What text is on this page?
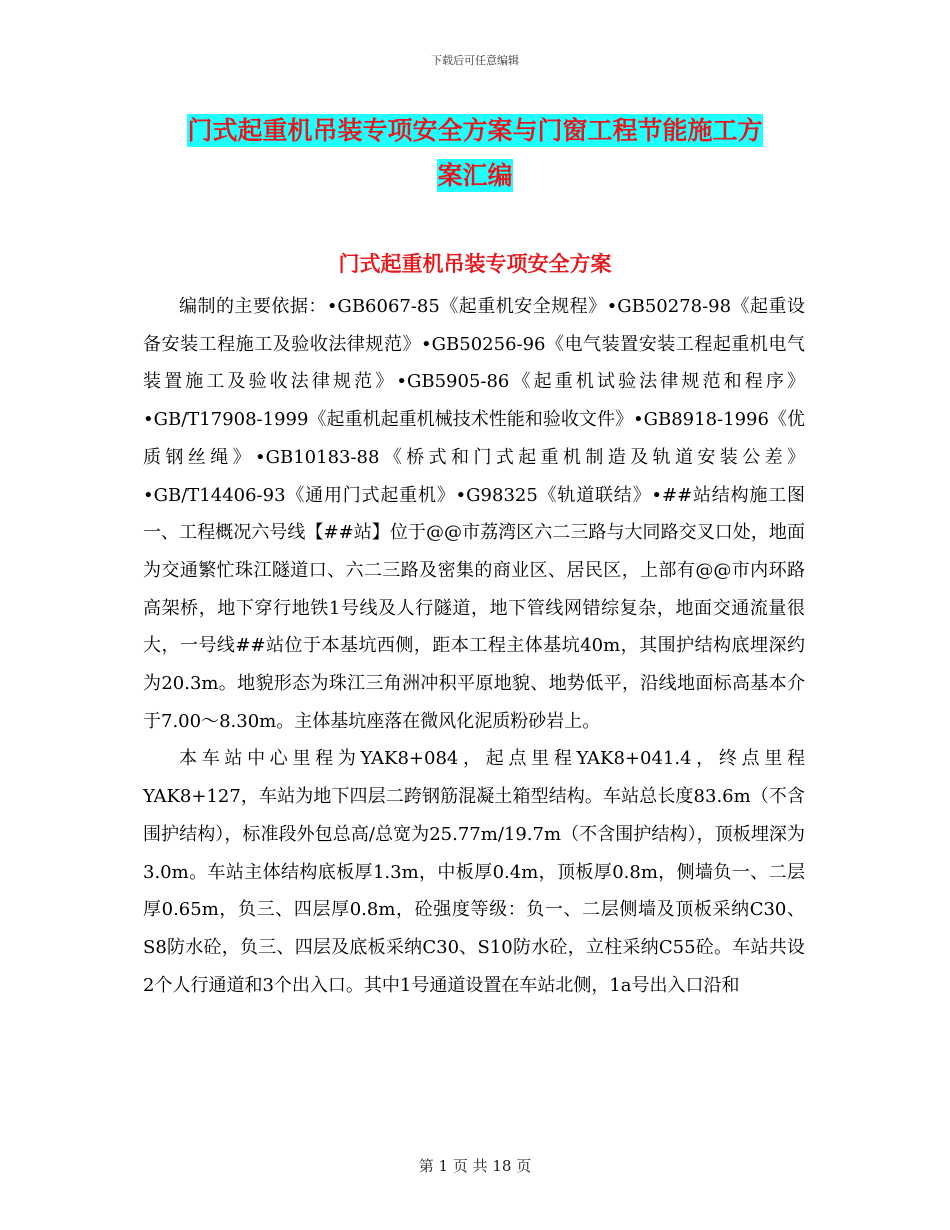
下载后可任意编辑
门式起重机吊装专项安全方案与门窗工程节能施工方
案汇编
门式起重机吊装专项安全方案

编制的主要依据：•GB6067-85《起重机安全规程》•GB50278-98《起重设备安装工程施工及验收法律规范》•GB50256-96《电气装置安装工程起重机电气装置施工及验收法律规范》•GB5905-86《起重机试验法律规范和程序》•GB/T17908-1999《起重机起重机械技术性能和验收文件》•GB8918-1996《优质钢丝绳》•GB10183-88《桥式和门式起重机制造及轨道安装公差》•GB/T14406-93《通用门式起重机》•G98325《轨道联结》•##站结构施工图一、工程概况六号线【##站】位于@@市荔湾区六二三路与大同路交叉口处，地面为交通繁忙珠江隧道口、六二三路及密集的商业区、居民区，上部有@@市内环路高架桥，地下穿行地铁1号线及人行隧道，地下管线网错综复杂，地面交通流量很大，一号线##站位于本基坑西侧，距本工程主体基坑40m，其围护结构底埋深约为20.3m。地貌形态为珠江三角洲冲积平原地貌、地势低平，沿线地面标高基本介于7.00～8.30m。主体基坑座落在微风化泥质粉砂岩上。

本车站中心里程为YAK8+084，起点里程YAK8+041.4，终点里程YAK8+127，车站为地下四层二跨钢筋混凝土箱型结构。车站总长度83.6m（不含围护结构），标准段外包总高/总宽为25.77m/19.7m（不含围护结构），顶板埋深为3.0m。车站主体结构底板厚1.3m，中板厚0.4m，顶板厚0.8m，侧墙负一、二层厚0.65m，负三、四层厚0.8m，砼强度等级：负一、二层侧墙及顶板采纳C30、S8防水砼，负三、四层及底板采纳C30、S10防水砼，立柱采纳C55砼。车站共设2个人行通道和3个出入口。其中1号通道设置在车站北侧，1a号出入口沿和

第 1 页 共 18 页
